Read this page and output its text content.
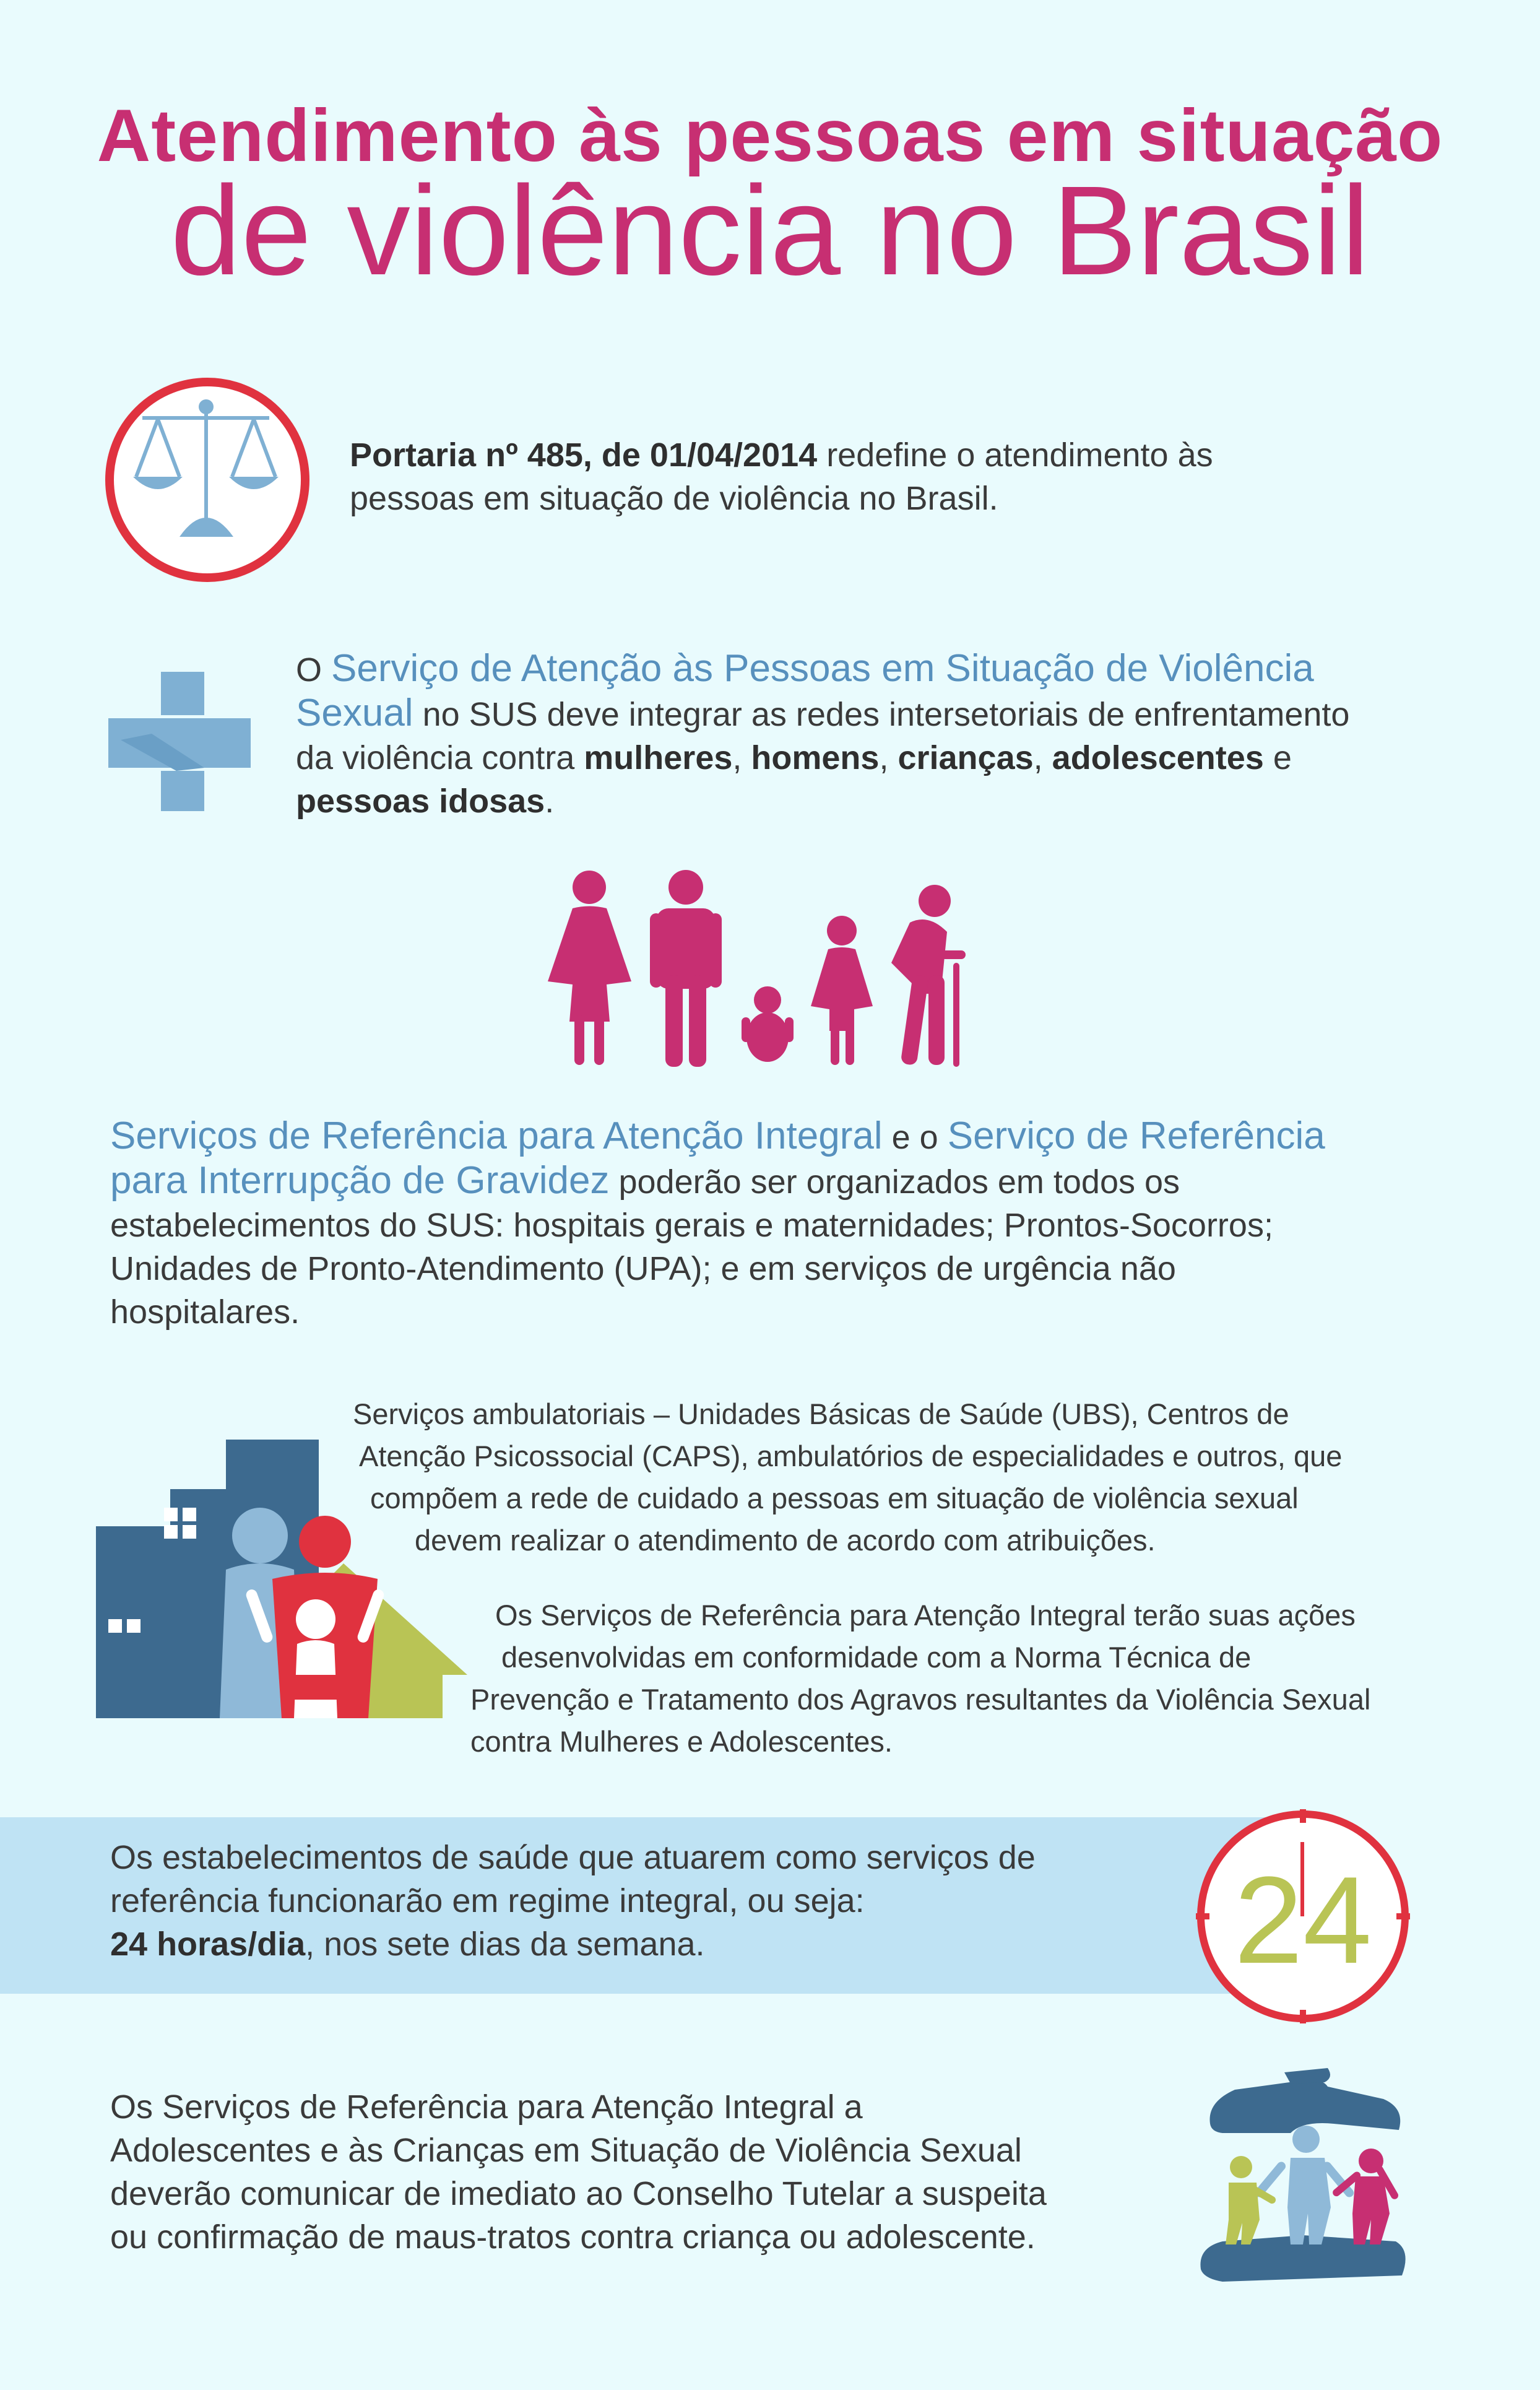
Atendimento às pessoas em situação
de violência no Brasil
Portaria nº 485, de 01/04/2014 redefine o atendimento às
pessoas em situação de violência no Brasil.
O Serviço de Atenção às Pessoas em Situação de Violência
Sexual no SUS deve integrar as redes intersetoriais de enfrentamento
da violência contra mulheres, homens, crianças, adolescentes e
pessoas idosas.
Serviços de Referência para Atenção Integral e o Serviço de Referência
para Interrupção de Gravidez poderão ser organizados em todos os
estabelecimentos do SUS: hospitais gerais e maternidades; Prontos-Socorros;
Unidades de Pronto-Atendimento (UPA); e em serviços de urgência não
hospitalares.
Serviços ambulatoriais – Unidades Básicas de Saúde (UBS), Centros de
Atenção Psicossocial (CAPS), ambulatórios de especialidades e outros, que
compõem a rede de cuidado a pessoas em situação de violência sexual
devem realizar o atendimento de acordo com atribuições.
Os Serviços de Referência para Atenção Integral terão suas ações
desenvolvidas em conformidade com a Norma Técnica de
Prevenção e Tratamento dos Agravos resultantes da Violência Sexual
contra Mulheres e Adolescentes.
Os estabelecimentos de saúde que atuarem como serviços de
referência funcionarão em regime integral, ou seja:
24 horas/dia, nos sete dias da semana.	24
Os Serviços de Referência para Atenção Integral a
Adolescentes e às Crianças em Situação de Violência Sexual
deverão comunicar de imediato ao Conselho Tutelar a suspeita
ou confirmação de maus-tratos contra criança ou adolescente.
